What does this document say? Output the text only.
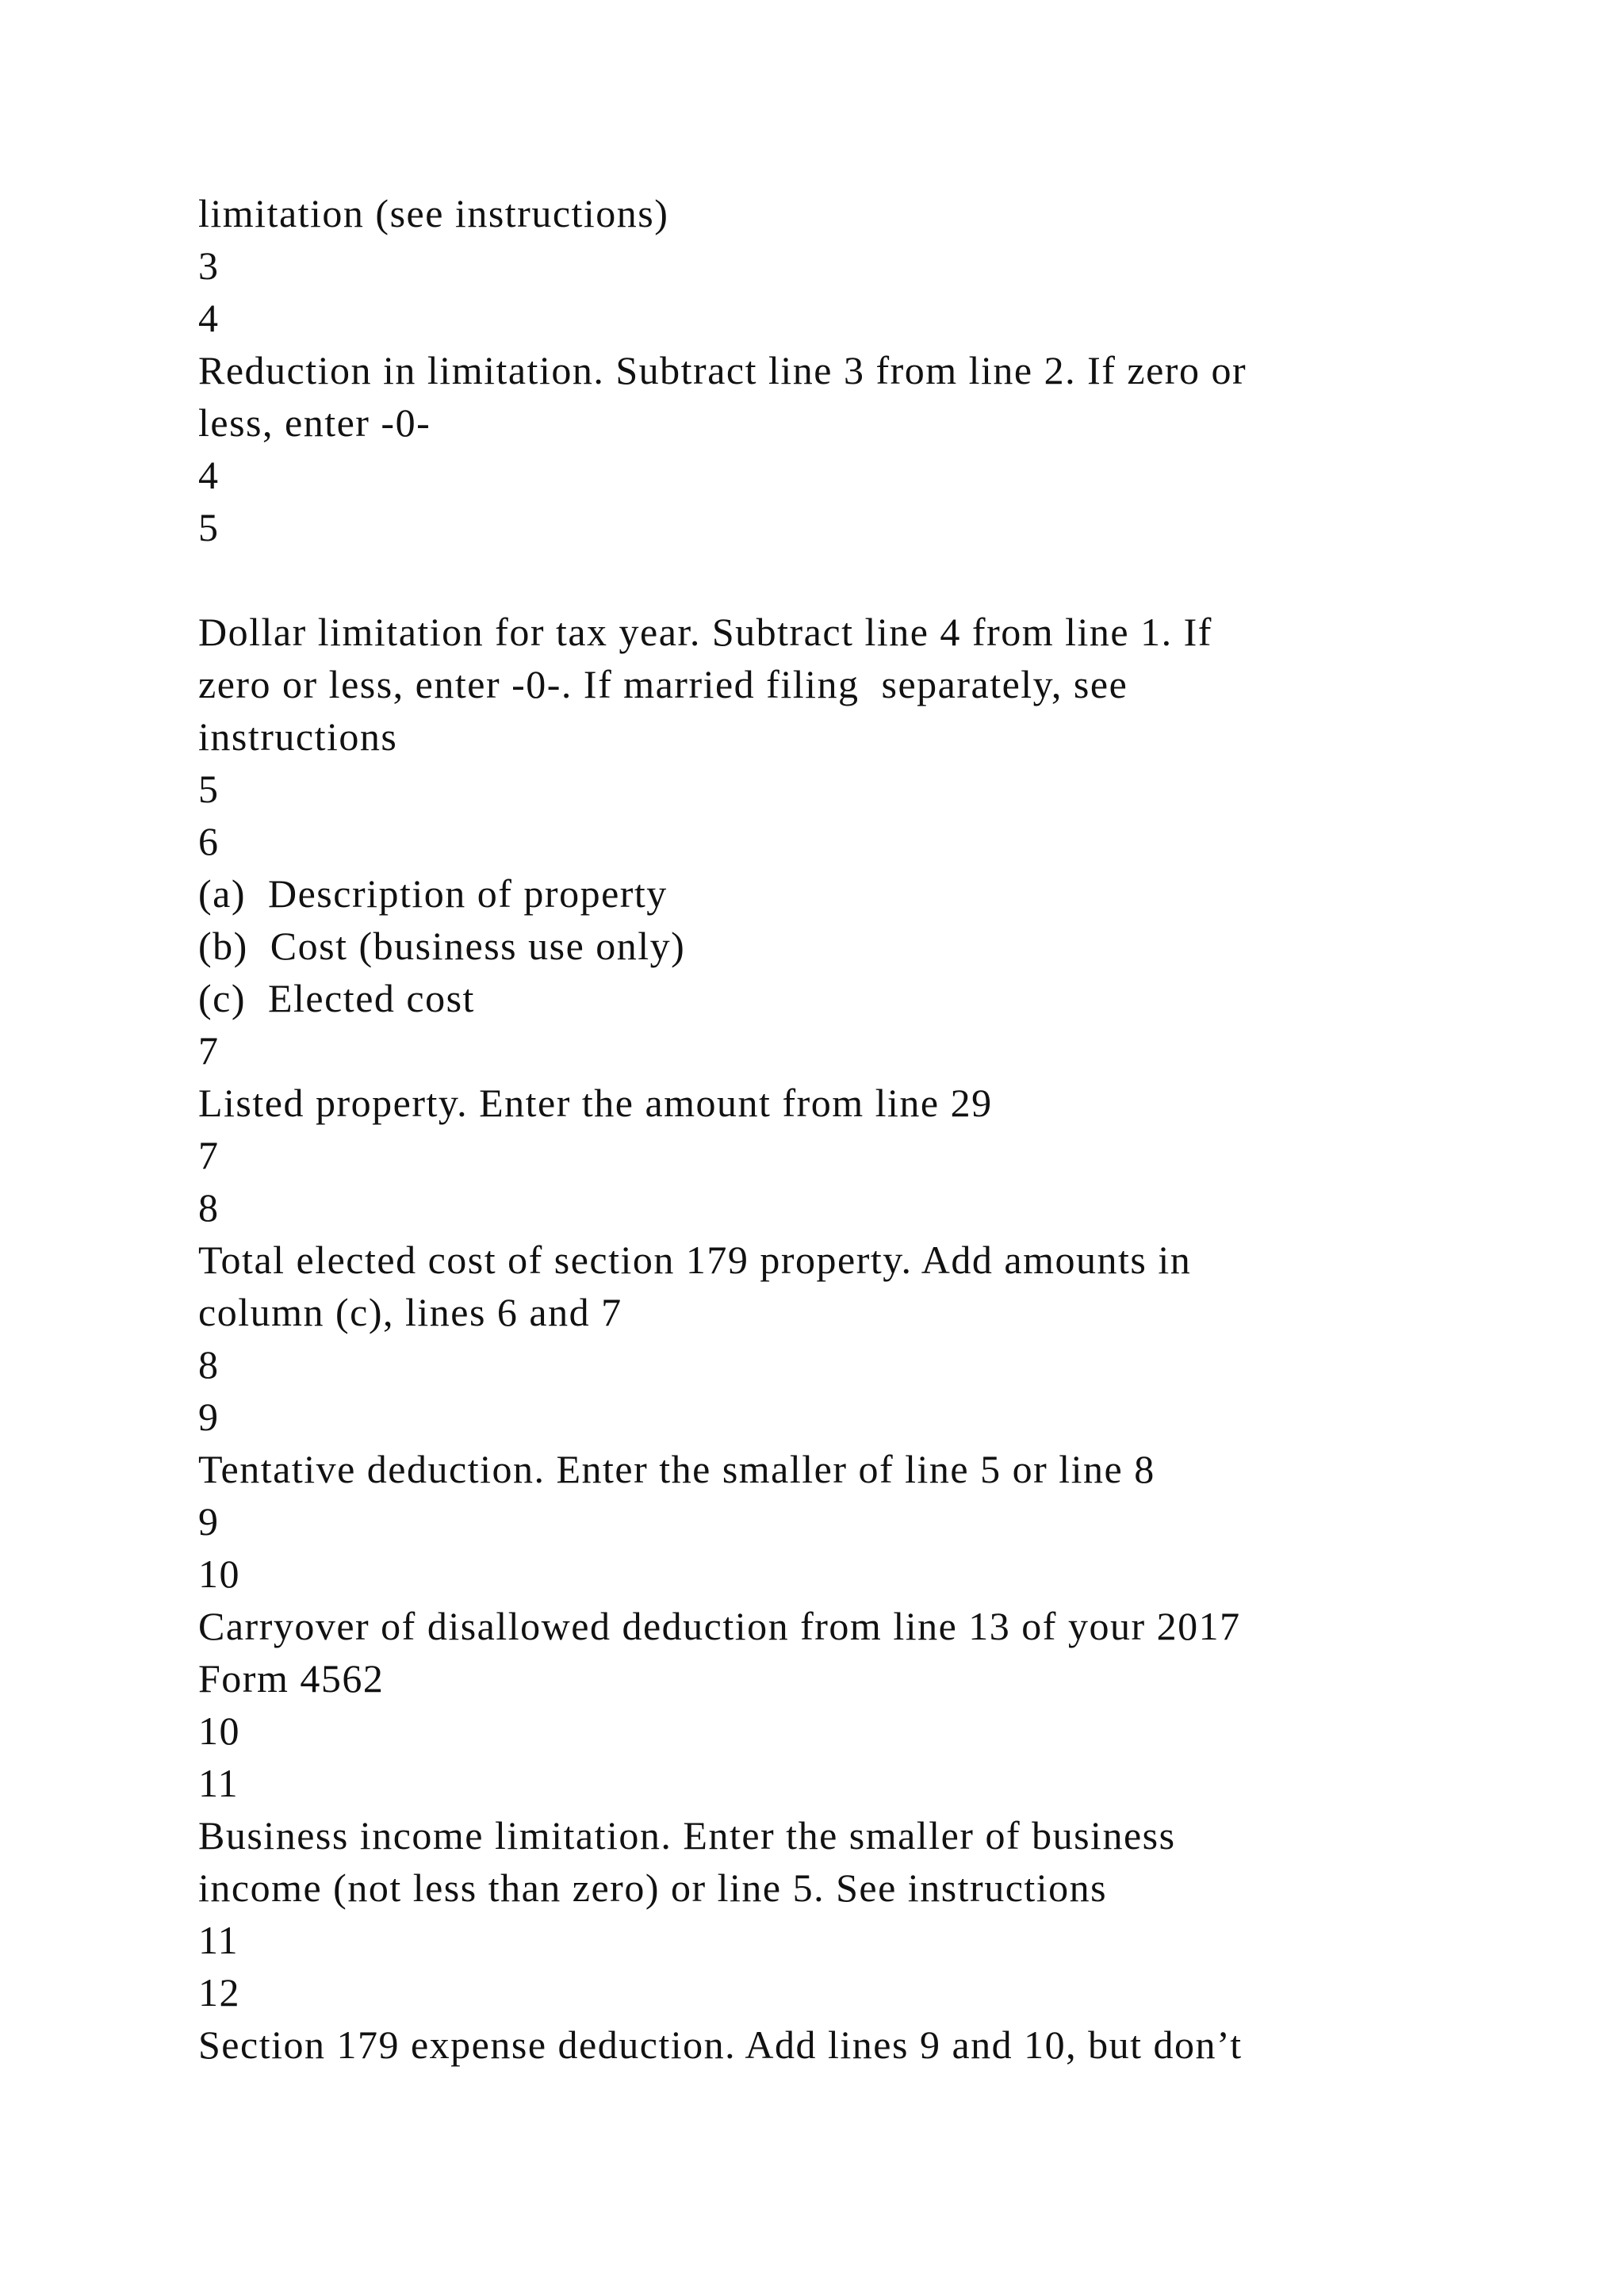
limitation (see instructions)
3
4
Reduction in limitation. Subtract line 3 from line 2. If zero or
less, enter -0-
4
5
Dollar limitation for tax year. Subtract line 4 from line 1. If
zero or less, enter -0-. If married filing  separately, see
instructions
5
6
(a)  Description of property
(b)  Cost (business use only)
(c)  Elected cost
7
Listed property. Enter the amount from line 29
7
8
Total elected cost of section 179 property. Add amounts in
column (c), lines 6 and 7
8
9
Tentative deduction. Enter the smaller of line 5 or line 8
9
10
Carryover of disallowed deduction from line 13 of your 2017
Form 4562
10
11
Business income limitation. Enter the smaller of business
income (not less than zero) or line 5. See instructions
11
12
Section 179 expense deduction. Add lines 9 and 10, but don’t
